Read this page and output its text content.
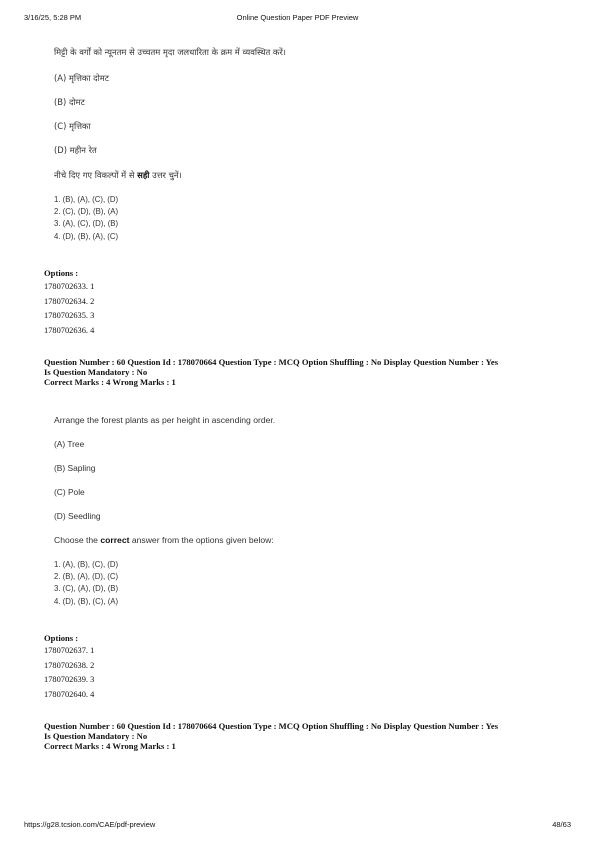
3/16/25, 5:28 PM	Online Question Paper PDF Preview
मिट्टी के वर्गों को न्यूनतम से उच्चतम मृदा जलधारिता के क्रम में व्यवस्थित करें।
(A) मृत्तिका दोमट
(B) दोमट
(C) मृत्तिका
(D) महीन रेत
नीचे दिए गए विकल्पों में से सही उत्तर चुनें।
1. (B), (A), (C), (D)
2. (C), (D), (B), (A)
3. (A), (C), (D), (B)
4. (D), (B), (A), (C)
Options :
1780702633. 1
1780702634. 2
1780702635. 3
1780702636. 4
Question Number : 60 Question Id : 178070664 Question Type : MCQ Option Shuffling : No Display Question Number : Yes
Is Question Mandatory : No
Correct Marks : 4 Wrong Marks : 1
Arrange the forest plants as per height in ascending order.
(A) Tree
(B) Sapling
(C) Pole
(D) Seedling
Choose the correct answer from the options given below:
1. (A), (B), (C), (D)
2. (B), (A), (D), (C)
3. (C), (A), (D), (B)
4. (D), (B), (C), (A)
Options :
1780702637. 1
1780702638. 2
1780702639. 3
1780702640. 4
Question Number : 60 Question Id : 178070664 Question Type : MCQ Option Shuffling : No Display Question Number : Yes
Is Question Mandatory : No
Correct Marks : 4 Wrong Marks : 1
https://g28.tcsion.com/CAE/pdf-preview	48/63
